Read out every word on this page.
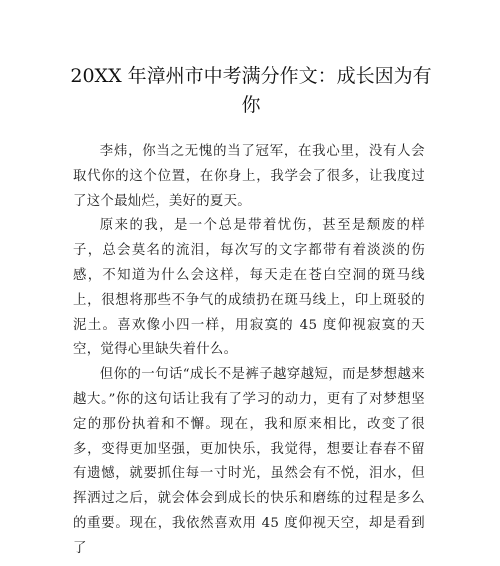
20XX 年漳州市中考满分作文：成长因为有你

李炜，你当之无愧的当了冠军，在我心里，没有人会取代你的这个位置，在你身上，我学会了很多，让我度过了这个最灿烂，美好的夏天。

原来的我，是一个总是带着忧伤，甚至是颓废的样子，总会莫名的流泪，每次写的文字都带有着淡淡的伤感，不知道为什么会这样，每天走在苍白空洞的斑马线上，很想将那些不争气的成绩扔在斑马线上，印上斑驳的泥土。喜欢像小四一样，用寂寞的 45 度仰视寂寞的天空，觉得心里缺失着什么。

但你的一句话“成长不是裤子越穿越短，而是梦想越来越大。”你的这句话让我有了学习的动力，更有了对梦想坚定的那份执着和不懈。现在，我和原来相比，改变了很多，变得更加坚强，更加快乐，我觉得，想要让春春不留有遗憾，就要抓住每一寸时光，虽然会有不悦，泪水，但挥洒过之后，就会体会到成长的快乐和磨练的过程是多么的重要。现在，我依然喜欢用 45 度仰视天空，却是看到了
